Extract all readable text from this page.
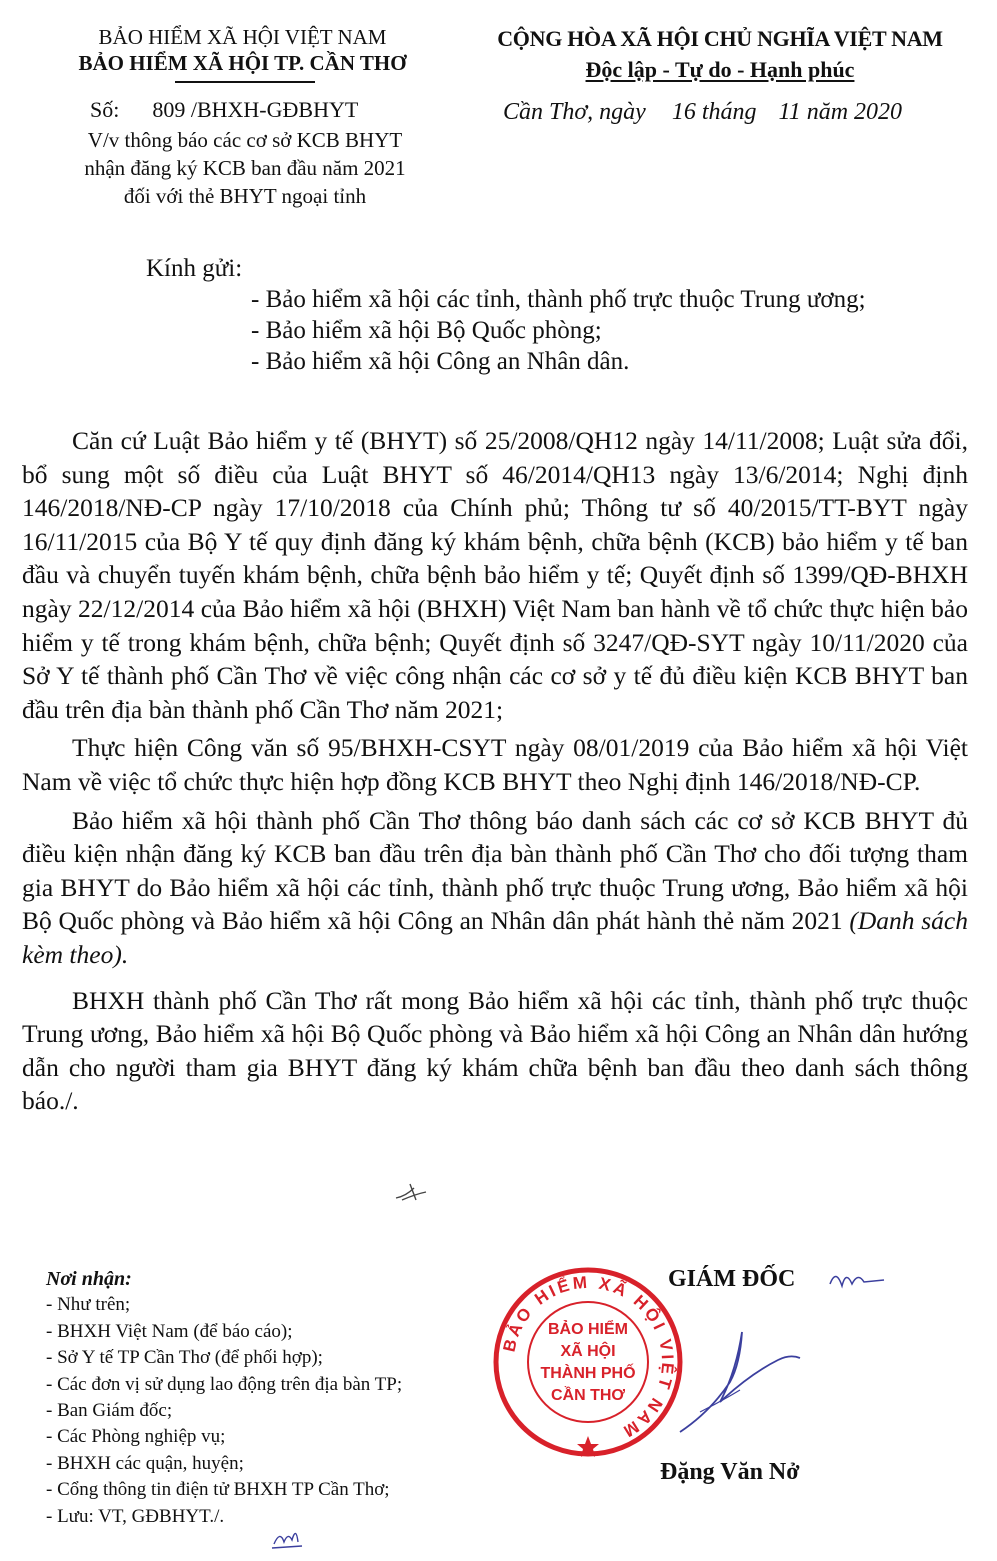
BẢO HIỂM XÃ HỘI VIỆT NAM
BẢO HIỂM XÃ HỘI TP. CẦN THƠ
Số: 809 /BHXH-GĐBHYT
V/v thông báo các cơ sở KCB BHYT
nhận đăng ký KCB ban đầu năm 2021
đối với thẻ BHYT ngoại tỉnh
CỘNG HÒA XÃ HỘI CHỦ NGHĨA VIỆT NAM
Độc lập - Tự do - Hạnh phúc
Cần Thơ, ngày 16 tháng 11 năm 2020
Kính gửi:
- Bảo hiểm xã hội các tỉnh, thành phố trực thuộc Trung ương;
- Bảo hiểm xã hội Bộ Quốc phòng;
- Bảo hiểm xã hội Công an Nhân dân.

Căn cứ Luật Bảo hiểm y tế (BHYT) số 25/2008/QH12 ngày 14/11/2008; Luật sửa đổi, bổ sung một số điều của Luật BHYT số 46/2014/QH13 ngày 13/6/2014; Nghị định 146/2018/NĐ-CP ngày 17/10/2018 của Chính phủ; Thông tư số 40/2015/TT-BYT ngày 16/11/2015 của Bộ Y tế quy định đăng ký khám bệnh, chữa bệnh (KCB) bảo hiểm y tế ban đầu và chuyển tuyến khám bệnh, chữa bệnh bảo hiểm y tế; Quyết định số 1399/QĐ-BHXH ngày 22/12/2014 của Bảo hiểm xã hội (BHXH) Việt Nam ban hành về tổ chức thực hiện bảo hiểm y tế trong khám bệnh, chữa bệnh; Quyết định số 3247/QĐ-SYT ngày 10/11/2020 của Sở Y tế thành phố Cần Thơ về việc công nhận các cơ sở y tế đủ điều kiện KCB BHYT ban đầu trên địa bàn thành phố Cần Thơ năm 2021;

Thực hiện Công văn số 95/BHXH-CSYT ngày 08/01/2019 của Bảo hiểm xã hội Việt Nam về việc tổ chức thực hiện hợp đồng KCB BHYT theo Nghị định 146/2018/NĐ-CP.

Bảo hiểm xã hội thành phố Cần Thơ thông báo danh sách các cơ sở KCB BHYT đủ điều kiện nhận đăng ký KCB ban đầu trên địa bàn thành phố Cần Thơ cho đối tượng tham gia BHYT do Bảo hiểm xã hội các tỉnh, thành phố trực thuộc Trung ương, Bảo hiểm xã hội Bộ Quốc phòng và Bảo hiểm xã hội Công an Nhân dân phát hành thẻ năm 2021 (Danh sách kèm theo).

BHXH thành phố Cần Thơ rất mong Bảo hiểm xã hội các tỉnh, thành phố trực thuộc Trung ương, Bảo hiểm xã hội Bộ Quốc phòng và Bảo hiểm xã hội Công an Nhân dân hướng dẫn cho người tham gia BHYT đăng ký khám chữa bệnh ban đầu theo danh sách thông báo./.

Nơi nhận:
- Như trên;
- BHXH Việt Nam (để báo cáo);
- Sở Y tế TP Cần Thơ (để phối hợp);
- Các đơn vị sử dụng lao động trên địa bàn TP;
- Ban Giám đốc;
- Các Phòng nghiệp vụ;
- BHXH các quận, huyện;
- Cổng thông tin điện tử BHXH TP Cần Thơ;
- Lưu: VT, GĐBHYT./.
GIÁM ĐỐC
BẢO HIỂM XÃ HỘI VIỆT NAM
BẢO HIỂM
XÃ HỘI
THÀNH PHỐ
CẦN THƠ
Đặng Văn Nở
